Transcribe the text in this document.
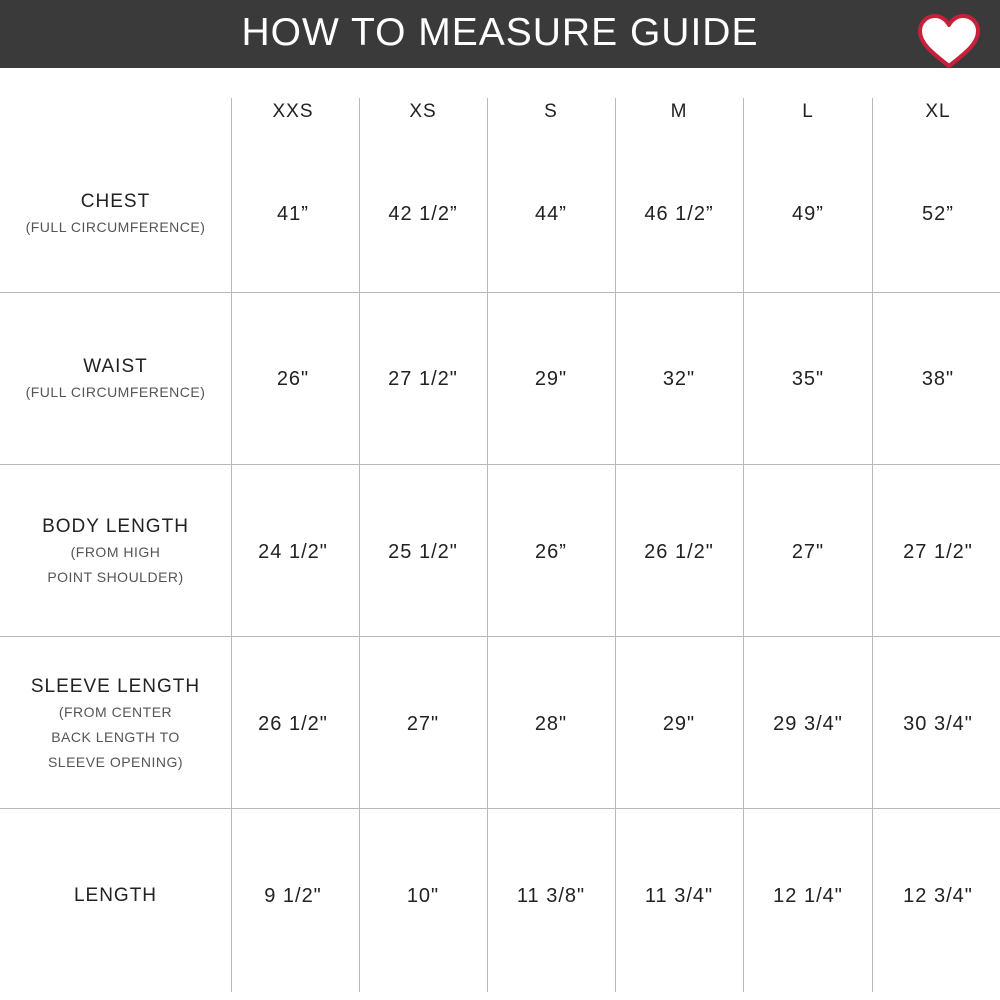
HOW TO MEASURE GUIDE
XXS	XS	S	M	L	XL
CHEST
(FULL CIRCUMFERENCE)
41”	42 1/2”	44”	46 1/2”	49”	52”
WAIST
(FULL CIRCUMFERENCE)
26"	27 1/2"	29"	32"	35"	38"
BODY LENGTH
(FROM HIGH
POINT SHOULDER)
24 1/2"	25 1/2"	26”	26 1/2"	27"	27 1/2"
SLEEVE LENGTH
(FROM CENTER
BACK LENGTH TO
SLEEVE OPENING)
26 1/2"	27"	28"	29"	29 3/4"	30 3/4"
LENGTH	9 1/2"	10"	11 3/8"	11 3/4"	12 1/4"	12 3/4"
